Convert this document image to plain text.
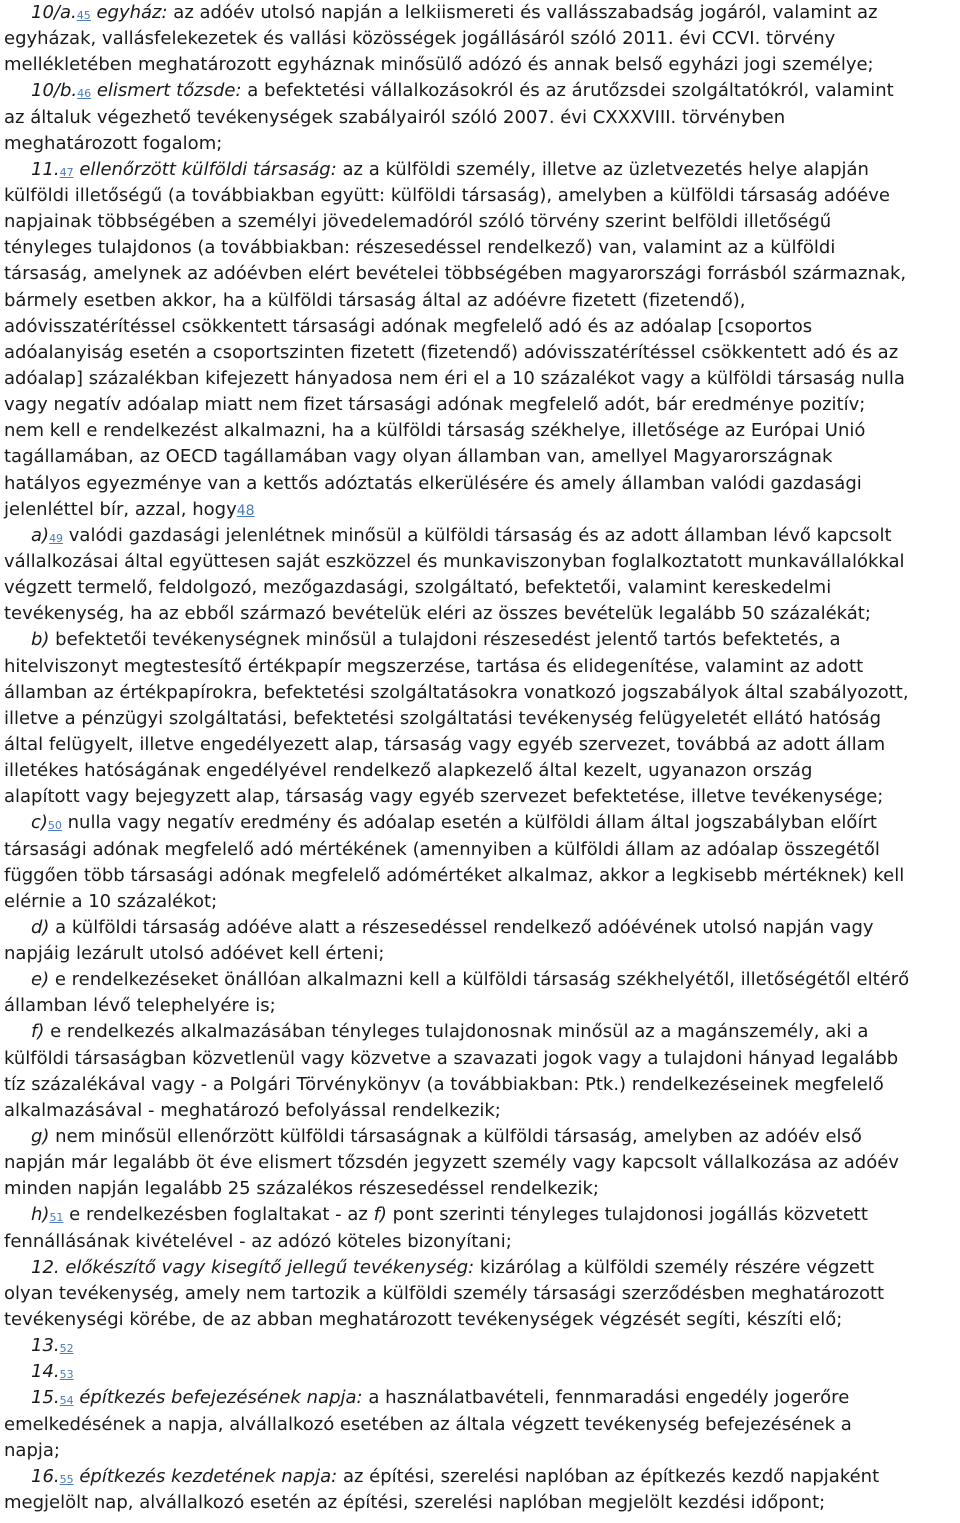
10/a.45 egyház: az adóév utolsó napján a lelkiismereti és vallásszabadság jogáról, valamint az
egyházak, vallásfelekezetek és vallási közösségek jogállásáról szóló 2011. évi CCVI. törvény
mellékletében meghatározott egyháznak minősülő adózó és annak belső egyházi jogi személye;
10/b.46 elismert tőzsde: a befektetési vállalkozásokról és az árutőzsdei szolgáltatókról, valamint
az általuk végezhető tevékenységek szabályairól szóló 2007. évi CXXXVIII. törvényben
meghatározott fogalom;
11.47 ellenőrzött külföldi társaság: az a külföldi személy, illetve az üzletvezetés helye alapján
külföldi illetőségű (a továbbiakban együtt: külföldi társaság), amelyben a külföldi társaság adóéve
napjainak többségében a személyi jövedelemadóról szóló törvény szerint belföldi illetőségű
tényleges tulajdonos (a továbbiakban: részesedéssel rendelkező) van, valamint az a külföldi
társaság, amelynek az adóévben elért bevételei többségében magyarországi forrásból származnak,
bármely esetben akkor, ha a külföldi társaság által az adóévre fizetett (fizetendő),
adóvisszatérítéssel csökkentett társasági adónak megfelelő adó és az adóalap [csoportos
adóalanyiság esetén a csoportszinten fizetett (fizetendő) adóvisszatérítéssel csökkentett adó és az
adóalap] százalékban kifejezett hányadosa nem éri el a 10 százalékot vagy a külföldi társaság nulla
vagy negatív adóalap miatt nem fizet társasági adónak megfelelő adót, bár eredménye pozitív;
nem kell e rendelkezést alkalmazni, ha a külföldi társaság székhelye, illetősége az Európai Unió
tagállamában, az OECD tagállamában vagy olyan államban van, amellyel Magyarországnak
hatályos egyezménye van a kettős adóztatás elkerülésére és amely államban valódi gazdasági
jelenléttel bír, azzal, hogy48
a)49 valódi gazdasági jelenlétnek minősül a külföldi társaság és az adott államban lévő kapcsolt
vállalkozásai által együttesen saját eszközzel és munkaviszonyban foglalkoztatott munkavállalókkal
végzett termelő, feldolgozó, mezőgazdasági, szolgáltató, befektetői, valamint kereskedelmi
tevékenység, ha az ebből származó bevételük eléri az összes bevételük legalább 50 százalékát;
b) befektetői tevékenységnek minősül a tulajdoni részesedést jelentő tartós befektetés, a
hitelviszonyt megtestesítő értékpapír megszerzése, tartása és elidegenítése, valamint az adott
államban az értékpapírokra, befektetési szolgáltatásokra vonatkozó jogszabályok által szabályozott,
illetve a pénzügyi szolgáltatási, befektetési szolgáltatási tevékenység felügyeletét ellátó hatóság
által felügyelt, illetve engedélyezett alap, társaság vagy egyéb szervezet, továbbá az adott állam
illetékes hatóságának engedélyével rendelkező alapkezelő által kezelt, ugyanazon ország
alapított vagy bejegyzett alap, társaság vagy egyéb szervezet befektetése, illetve tevékenysége;
c)50 nulla vagy negatív eredmény és adóalap esetén a külföldi állam által jogszabályban előírt
társasági adónak megfelelő adó mértékének (amennyiben a külföldi állam az adóalap összegétől
függően több társasági adónak megfelelő adómértéket alkalmaz, akkor a legkisebb mértéknek) kell
elérnie a 10 százalékot;
d) a külföldi társaság adóéve alatt a részesedéssel rendelkező adóévének utolsó napján vagy
napjáig lezárult utolsó adóévet kell érteni;
e) e rendelkezéseket önállóan alkalmazni kell a külföldi társaság székhelyétől, illetőségétől eltérő
államban lévő telephelyére is;
f) e rendelkezés alkalmazásában tényleges tulajdonosnak minősül az a magánszemély, aki a
külföldi társaságban közvetlenül vagy közvetve a szavazati jogok vagy a tulajdoni hányad legalább
tíz százalékával vagy - a Polgári Törvénykönyv (a továbbiakban: Ptk.) rendelkezéseinek megfelelő
alkalmazásával - meghatározó befolyással rendelkezik;
g) nem minősül ellenőrzött külföldi társaságnak a külföldi társaság, amelyben az adóév első
napján már legalább öt éve elismert tőzsdén jegyzett személy vagy kapcsolt vállalkozása az adóév
minden napján legalább 25 százalékos részesedéssel rendelkezik;
h)51 e rendelkezésben foglaltakat - az f) pont szerinti tényleges tulajdonosi jogállás közvetett
fennállásának kivételével - az adózó köteles bizonyítani;
12. előkészítő vagy kisegítő jellegű tevékenység: kizárólag a külföldi személy részére végzett
olyan tevékenység, amely nem tartozik a külföldi személy társasági szerződésben meghatározott
tevékenységi körébe, de az abban meghatározott tevékenységek végzését segíti, készíti elő;
13.52
14.53
15.54 építkezés befejezésének napja: a használatbavételi, fennmaradási engedély jogerőre
emelkedésének a napja, alvállalkozó esetében az általa végzett tevékenység befejezésének a
napja;
16.55 építkezés kezdetének napja: az építési, szerelési naplóban az építkezés kezdő napjaként
megjelölt nap, alvállalkozó esetén az építési, szerelési naplóban megjelölt kezdési időpont;
